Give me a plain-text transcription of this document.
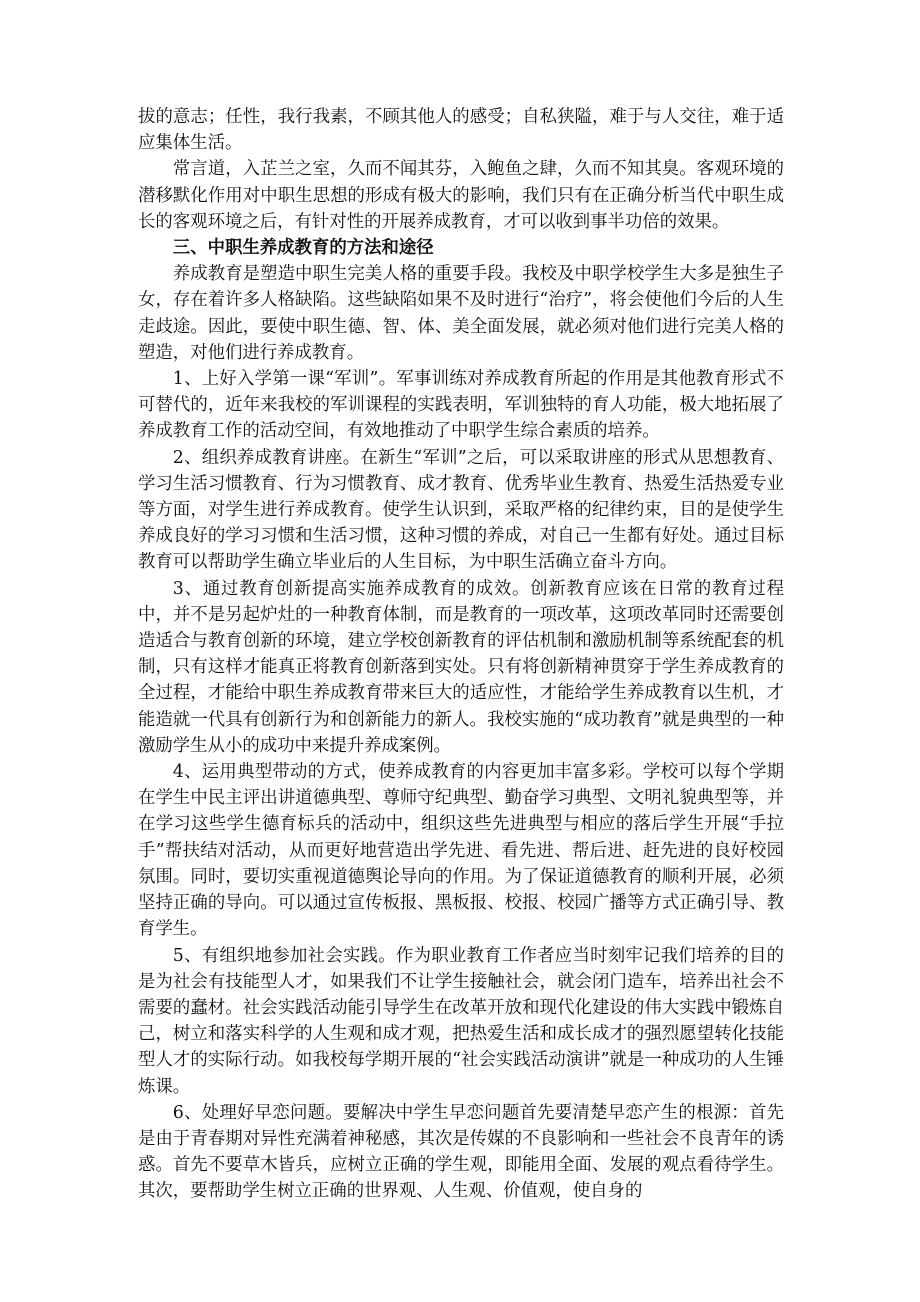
拔的意志；任性，我行我素，不顾其他人的感受；自私狭隘，难于与人交往，难于适应集体生活。

常言道，入芷兰之室，久而不闻其芬，入鲍鱼之肆，久而不知其臭。客观环境的潜移默化作用对中职生思想的形成有极大的影响，我们只有在正确分析当代中职生成长的客观环境之后，有针对性的开展养成教育，才可以收到事半功倍的效果。

三、中职生养成教育的方法和途径

养成教育是塑造中职生完美人格的重要手段。我校及中职学校学生大多是独生子女，存在着许多人格缺陷。这些缺陷如果不及时进行“治疗”，将会使他们今后的人生走歧途。因此，要使中职生德、智、体、美全面发展，就必须对他们进行完美人格的塑造，对他们进行养成教育。

1、上好入学第一课“军训”。军事训练对养成教育所起的作用是其他教育形式不可替代的，近年来我校的军训课程的实践表明，军训独特的育人功能，极大地拓展了养成教育工作的活动空间，有效地推动了中职学生综合素质的培养。

2、组织养成教育讲座。在新生“军训”之后，可以采取讲座的形式从思想教育、学习生活习惯教育、行为习惯教育、成才教育、优秀毕业生教育、热爱生活热爱专业等方面，对学生进行养成教育。使学生认识到，采取严格的纪律约束，目的是使学生养成良好的学习习惯和生活习惯，这种习惯的养成，对自己一生都有好处。通过目标教育可以帮助学生确立毕业后的人生目标，为中职生活确立奋斗方向。

3、通过教育创新提高实施养成教育的成效。创新教育应该在日常的教育过程中，并不是另起炉灶的一种教育体制，而是教育的一项改革，这项改革同时还需要创造适合与教育创新的环境，建立学校创新教育的评估机制和激励机制等系统配套的机制，只有这样才能真正将教育创新落到实处。只有将创新精神贯穿于学生养成教育的全过程，才能给中职生养成教育带来巨大的适应性，才能给学生养成教育以生机，才能造就一代具有创新行为和创新能力的新人。我校实施的“成功教育”就是典型的一种激励学生从小的成功中来提升养成案例。

4、运用典型带动的方式，使养成教育的内容更加丰富多彩。学校可以每个学期在学生中民主评出讲道德典型、尊师守纪典型、勤奋学习典型、文明礼貌典型等，并在学习这些学生德育标兵的活动中，组织这些先进典型与相应的落后学生开展“手拉手”帮扶结对活动，从而更好地营造出学先进、看先进、帮后进、赶先进的良好校园氛围。同时，要切实重视道德舆论导向的作用。为了保证道德教育的顺利开展，必须坚持正确的导向。可以通过宣传板报、黑板报、校报、校园广播等方式正确引导、教育学生。

5、有组织地参加社会实践。作为职业教育工作者应当时刻牢记我们培养的目的是为社会有技能型人才，如果我们不让学生接触社会，就会闭门造车，培养出社会不需要的蠢材。社会实践活动能引导学生在改革开放和现代化建设的伟大实践中锻炼自己，树立和落实科学的人生观和成才观，把热爱生活和成长成才的强烈愿望转化技能型人才的实际行动。如我校每学期开展的“社会实践活动演讲”就是一种成功的人生锤炼课。

6、处理好早恋问题。要解决中学生早恋问题首先要清楚早恋产生的根源：首先是由于青春期对异性充满着神秘感，其次是传媒的不良影响和一些社会不良青年的诱惑。首先不要草木皆兵，应树立正确的学生观，即能用全面、发展的观点看待学生。其次，要帮助学生树立正确的世界观、人生观、价值观，使自身的
